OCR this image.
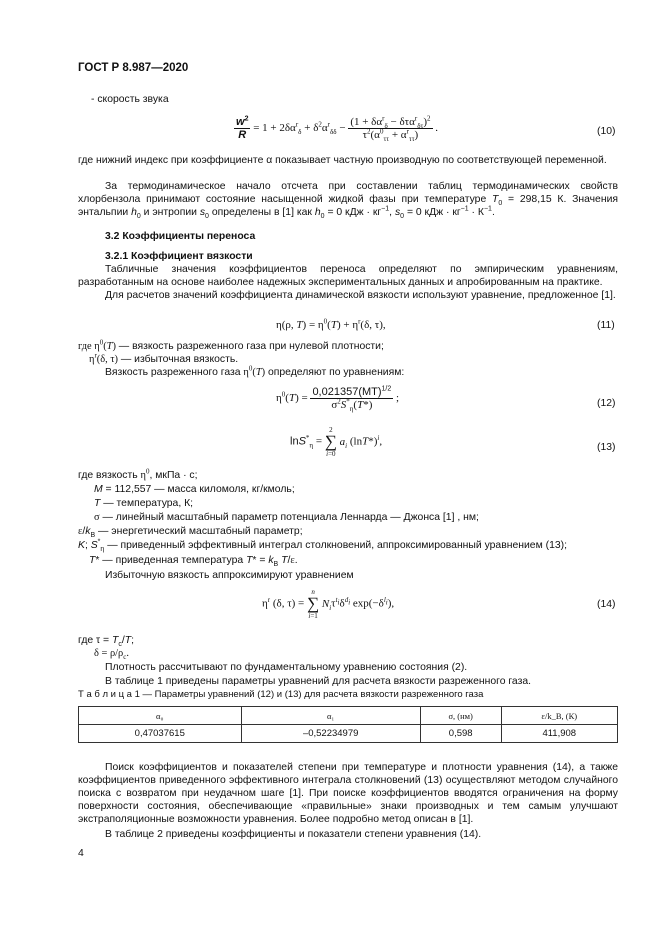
ГОСТ Р 8.987—2020
- скорость звука
$\frac{w^2}{R} = 1 + 2\delta\alpha^r_\delta + \delta^2\alpha^r_{\delta\delta} - \frac{(1 + \delta\alpha^r_\delta - \delta\tau\alpha^r_{\delta\tau})^2}{\tau^2(\alpha^0_{\tau\tau} + \alpha^r_{\tau\tau})}$ .	(10)
где нижний индекс при коэффициенте α показывает частную производную по соответствующей переменной.
За термодинамическое начало отсчета при составлении таблиц термодинамических свойств хлорбензола принимают состояние насыщенной жидкой фазы при температуре $T_0 = 298,15$ К. Значения энтальпии $h_0$ и энтропии $s_0$ определены в [1] как $h_0 = 0$ кДж · $кг^{-1}$, $s_0 = 0$ кДж · $кг^{-1} \cdot К^{-1}$.
3.2 Коэффициенты переноса
3.2.1 Коэффициент вязкости
Табличные значения коэффициентов переноса определяют по эмпирическим уравнениям, разработанным на основе наиболее надежных экспериментальных данных и апробированным на практике.
Для расчетов значений коэффициента динамической вязкости используют уравнение, предложенное [1].
η(ρ, $T) = \eta^0(T) + \eta^r(\delta$, τ),	(11)
где $\eta^0(T)$ — вязкость разреженного газа при нулевой плотности;
$\eta^r(\delta$, τ) — избыточная вязкость.
Вязкость разреженного газа $\eta^0(T)$ определяют по уравнениям:
$\eta^0(T) = \frac{0,021357(MT)^{1/2}}{\sigma^2S^*_\eta(T*)}$ ;	(12)
lnS*$_\eta$ = 2
∑
i=0 $a_i$ $(\ln T*)^i$,	(13)
где вязкость $\eta^0$, мкПа · с;
M = 112,557 — масса киломоля, кг/кмоль;
T — температура, К;
σ — линейный масштабный параметр потенциала Леннарда — Джонса [1] , нм;
$\varepsilon/k_B$ — энергетический масштабный параметр;
K; $S^*_\eta$ — приведенный эффективный интеграл столкновений, аппроксимированный уравнением (13);
T* — приведенная температура $T* = k_B$ T/ε.
Избыточную вязкость аппроксимируют уравнением
$\eta^r$ (δ, τ) = n
∑
i=1 $N_i\tau^{t_i}\delta^{d_i}$ $\exp(-\delta^{l_i})$,	(14)
где $\tau = T_c/T$;
$\delta = \rho/\rho_c$.
Плотность рассчитывают по фундаментальному уравнению состояния (2).
В таблице 1 приведены параметры уравнений для расчета вязкости разреженного газа.
Т а б л и ц а 1 — Параметры уравнений (12) и (13) для расчета вязкости разреженного газа
α₀	α₁	σ, (нм)	ε/k_B, (К)
0,47037615	–0,52234979	0,598	411,908
Поиск коэффициентов и показателей степени при температуре и плотности уравнения (14), а также коэффициентов приведенного эффективного интеграла столкновений (13) осуществляют методом случайного поиска с возвратом при неудачном шаге [1]. При поиске коэффициентов вводятся ограничения на форму поверхности состояния, обеспечивающие «правильные» знаки производных и тем самым улучшают экстраполяционные возможности уравнения. Более подробно метод описан в [1].
В таблице 2 приведены коэффициенты и показатели степени уравнения (14).
4
